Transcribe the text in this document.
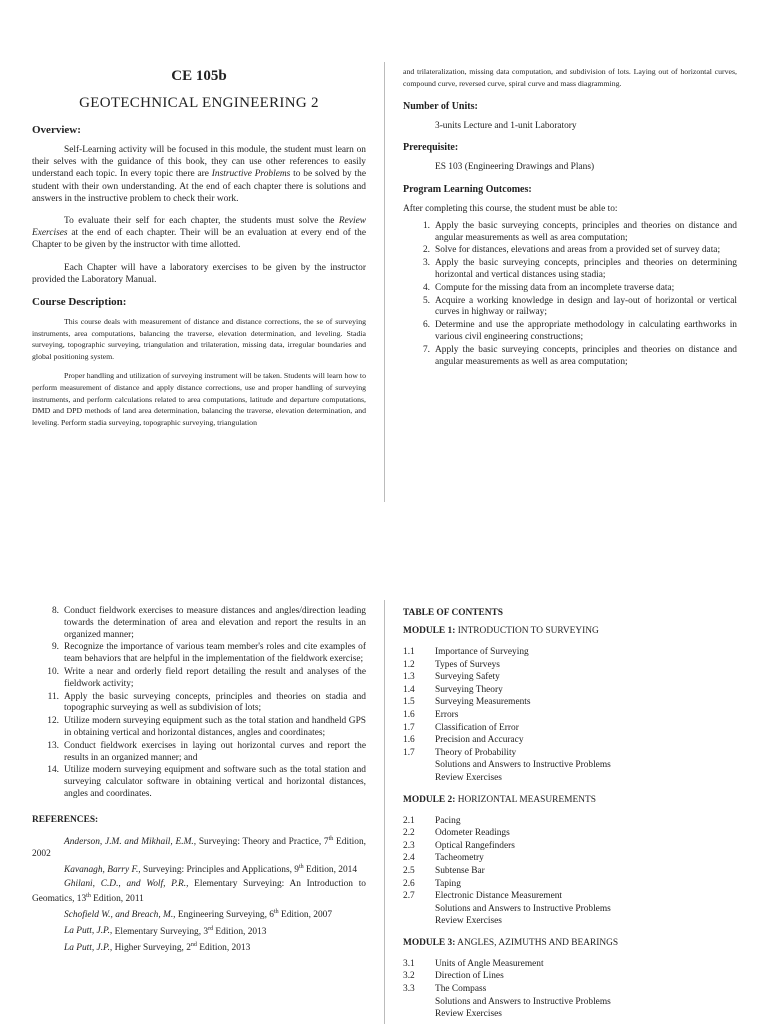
CE 105b
GEOTECHNICAL ENGINEERING 2
Overview:
Self-Learning activity will be focused in this module, the student must learn on their selves with the guidance of this book, they can use other references to easily understand each topic. In every topic there are Instructive Problems to be solved by the student with their own understanding. At the end of each chapter there is solutions and answers in the instructive problem to check their work.
To evaluate their self for each chapter, the students must solve the Review Exercises at the end of each chapter. Their will be an evaluation at every end of the Chapter to be given by the instructor with time allotted.
Each Chapter will have a laboratory exercises to be given by the instructor provided the Laboratory Manual.
Course Description:
This course deals with measurement of distance and distance corrections, the se of surveying instruments, area computations, balancing the traverse, elevation determination, and leveling. Stadia surveying, topographic surveying, triangulation and trilateration, missing data, irregular boundaries and global positioning system.
Proper handling and utilization of surveying instrument will be taken. Students will learn how to perform measurement of distance and apply distance corrections, use and proper handling of surveying instruments, and perform calculations related to area computations, latitude and departure computations, DMD and DPD methods of land area determination, balancing the traverse, elevation determination, and leveling. Perform stadia surveying, topographic surveying, triangulation
and trilateralization, missing data computation, and subdivision of lots. Laying out of horizontal curves, compound curve, reversed curve, spiral curve and mass diagramming.
Number of Units:
3-units Lecture and 1-unit Laboratory
Prerequisite:
ES 103 (Engineering Drawings and Plans)
Program Learning Outcomes:
After completing this course, the student must be able to:
1. Apply the basic surveying concepts, principles and theories on distance and angular measurements as well as area computation;
2. Solve for distances, elevations and areas from a provided set of survey data;
3. Apply the basic surveying concepts, principles and theories on determining horizontal and vertical distances using stadia;
4. Compute for the missing data from an incomplete traverse data;
5. Acquire a working knowledge in design and lay-out of horizontal or vertical curves in highway or railway;
6. Determine and use the appropriate methodology in calculating earthworks in various civil engineering constructions;
7. Apply the basic surveying concepts, principles and theories on distance and angular measurements as well as area computation;
8. Conduct fieldwork exercises to measure distances and angles/direction leading towards the determination of area and elevation and report the results in an organized manner;
9. Recognize the importance of various team member's roles and cite examples of team behaviors that are helpful in the implementation of the fieldwork exercise;
10. Write a near and orderly field report detailing the result and analyses of the fieldwork activity;
11. Apply the basic surveying concepts, principles and theories on stadia and topographic surveying as well as subdivision of lots;
12. Utilize modern surveying equipment such as the total station and handheld GPS in obtaining vertical and horizontal distances, angles and coordinates;
13. Conduct fieldwork exercises in laying out horizontal curves and report the results in an organized manner; and
14. Utilize modern surveying equipment and software such as the total station and surveying calculator software in obtaining vertical and horizontal distances, angles and coordinates.
REFERENCES:
Anderson, J.M. and Mikhail, E.M., Surveying: Theory and Practice, 7th Edition, 2002
Kavanagh, Barry F., Surveying: Principles and Applications, 9th Edition, 2014
Ghilani, C.D., and Wolf, P.R., Elementary Surveying: An Introduction to Geomatics, 13th Edition, 2011
Schofield W., and Breach, M., Engineering Surveying, 6th Edition, 2007
La Putt, J.P., Elementary Surveying, 3rd Edition, 2013
La Putt, J.P., Higher Surveying, 2nd Edition, 2013
TABLE OF CONTENTS
MODULE 1: INTRODUCTION TO SURVEYING
1.1	Importance of Surveying
1.2	Types of Surveys
1.3	Surveying Safety
1.4	Surveying Theory
1.5	Surveying Measurements
1.6	Errors
1.7	Classification of Error
1.6	Precision and Accuracy
1.7	Theory of Probability
Solutions and Answers to Instructive Problems
Review Exercises
MODULE 2: HORIZONTAL MEASUREMENTS
2.1	Pacing
2.2	Odometer Readings
2.3	Optical Rangefinders
2.4	Tacheometry
2.5	Subtense Bar
2.6	Taping
2.7	Electronic Distance Measurement
Solutions and Answers to Instructive Problems
Review Exercises
MODULE 3: ANGLES, AZIMUTHS AND BEARINGS
3.1	Units of Angle Measurement
3.2	Direction of Lines
3.3	The Compass
Solutions and Answers to Instructive Problems
Review Exercises
